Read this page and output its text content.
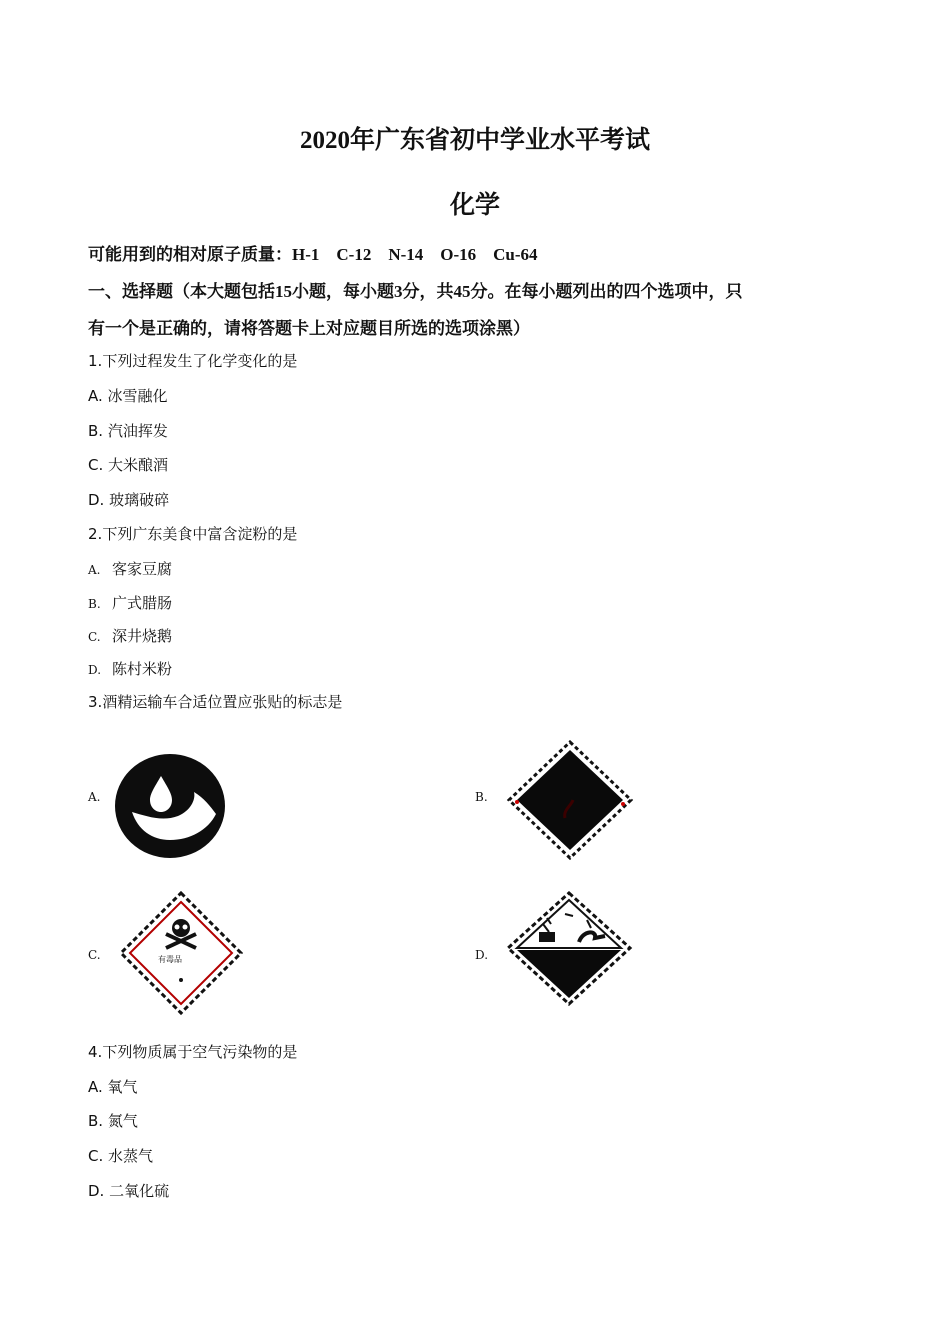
2020年广东省初中学业水平考试
化学
可能用到的相对原子质量：H-1　C-12　N-14　O-16　Cu-64
一、选择题（本大题包括15小题，每小题3分，共45分。在每小题列出的四个选项中，只
有一个是正确的，请将答题卡上对应题目所选的选项涂黑）
1.下列过程发生了化学变化的是
A. 冰雪融化
B. 汽油挥发
C. 大米酿酒
D. 玻璃破碎
2.下列广东美食中富含淀粉的是
A. 客家豆腐
B. 广式腊肠
C. 深井烧鹅
D. 陈村米粉
3.酒精运输车合适位置应张贴的标志是
A.	B.
C.	有毒品	D.
4.下列物质属于空气污染物的是
A. 氧气
B. 氮气
C. 水蒸气
D. 二氧化硫
